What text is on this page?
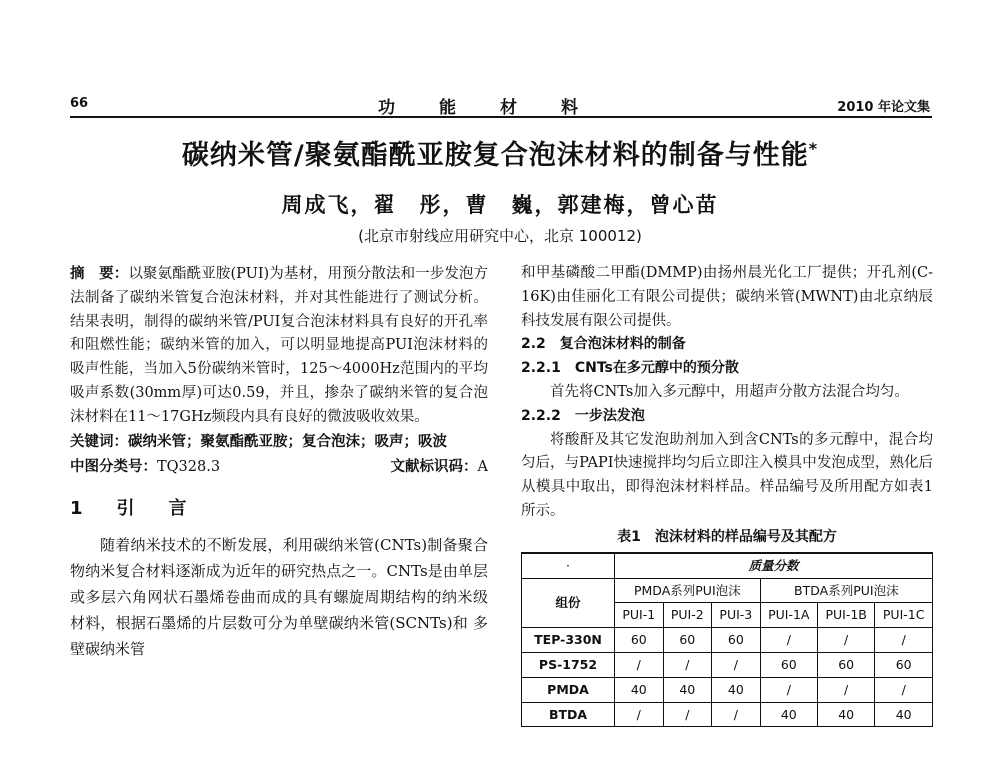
66	功能材料	2010 年论文集
碳纳米管/聚氨酯酰亚胺复合泡沫材料的制备与性能*
周成飞，翟　彤，曹　巍，郭建梅，曾心苗
(北京市射线应用研究中心，北京 100012)

摘　要：以聚氨酯酰亚胺(PUI)为基材，用预分散法和一步发泡方法制备了碳纳米管复合泡沫材料，并对其性能进行了测试分析。结果表明，制得的碳纳米管/PUI复合泡沫材料具有良好的开孔率和阻燃性能；碳纳米管的加入，可以明显地提高PUI泡沫材料的吸声性能，当加入5份碳纳米管时，125～4000Hz范围内的平均吸声系数(30mm厚)可达0.59，并且，掺杂了碳纳米管的复合泡沫材料在11～17GHz频段内具有良好的微波吸收效果。

关键词： 碳纳米管；聚氨酯酰亚胺；复合泡沫；吸声；吸波
中图分类号：TQ328.3	文献标识码：A
1　引　言

随着纳米技术的不断发展，利用碳纳米管(CNTs)制备聚合物纳米复合材料逐渐成为近年的研究热点之一。CNTs是由单层或多层六角网状石墨烯卷曲而成的具有螺旋周期结构的纳米级材料，根据石墨烯的片层数可分为单壁碳纳米管(SCNTs)和 多壁碳纳米管

和甲基磷酸二甲酯(DMMP)由扬州晨光化工厂提供；开孔剂(C-16K)由佳丽化工有限公司提供；碳纳米管(MWNT)由北京纳辰科技发展有限公司提供。

2.2　复合泡沫材料的制备
2.2.1　CNTs在多元醇中的预分散

首先将CNTs加入多元醇中，用超声分散方法混合均匀。

2.2.2　一步法发泡

将酸酐及其它发泡助剂加入到含CNTs的多元醇中，混合均匀后，与PAPI快速搅拌均匀后立即注入模具中发泡成型，熟化后从模具中取出，即得泡沫材料样品。样品编号及所用配方如表1所示。

表1　泡沫材料的样品编号及其配方
·	质量分数					
组份	PMDA系列PUI泡沫			BTDA系列PUI泡沫		
	PUI-1	PUI-2	PUI-3	PUI-1A	PUI-1B	PUI-1C
TEP-330N	60	60	60	/	/	/
PS-1752	/	/	/	60	60	60
PMDA	40	40	40	/	/	/
BTDA	/	/	/	40	40	40
